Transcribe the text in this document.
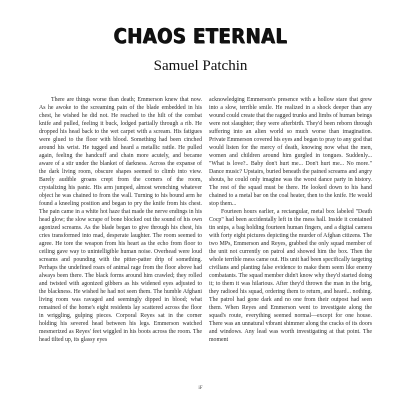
CHAOS ETERNAL
Samuel Patchin

There are things worse than death; Emmerson knew that now. As he awoke to the screaming pain of the blade embedded in his chest, he wished he did not. He reached to the hilt of the combat knife and pulled, feeling it buck, lodged partially through a rib. He dropped his head back to the wet carpet with a scream. His fatigues were glued to the floor with blood. Something had been cinched around his wrist. He tugged and heard a metallic rattle. He pulled again, feeling the handcuff and chain more acutely, and became aware of a stir under the blanket of darkness. Across the expanse of the dark living room, obscure shapes seemed to climb into view. Barely audible groans crept from the corners of the room, crystalizing his panic. His arm jumped, almost wrenching whatever object he was chained to from the wall. Turning to his bound arm he found a kneeling position and began to pry the knife from his chest. The pain came in a white hot haze that made the nerve endings in his head glow; the slow scrape of bone blocked out the sound of his own agonized screams. As the blade began to give through his chest, his cries transformed into mad, desperate laughter. The room seemed to agree. He tore the weapon from his heart as the echo from floor to ceiling gave way to unintelligible human noise. Overhead were loud screams and pounding with the pitter-patter drip of something. Perhaps the undefined roars of animal rage from the floor above had always been there. The black forms around him crawled; they rolled and twisted with agonized gibbers as his widened eyes adjusted to the blackness. He wished he had not seen them. The humble Afghani living room was ravaged and seemingly dipped in blood; what remained of the home's eight residents lay scattered across the floor in wriggling, gulping pieces. Corporal Reyes sat in the corner holding his severed head between his legs. Emmerson watched mesmerized as Reyes' feet wiggled in his boots across the room. The head tilted up, its glassy eyes

acknowledging Emmerson's presence with a hollow stare that grew into a slow, terrible smile. He realized in a shock deeper than any wound could create that the ragged trunks and limbs of human beings were not slaughter; they were afterbirth. They'd been reborn through suffering into an alien world so much worse than imagination. Private Emmerson covered his eyes and began to pray to any god that would listen for the mercy of death, knowing now what the men, women and children around him gurgled in tongues. Suddenly... "What is love?.. Baby don't hurt me... Don't hurt me... No more." Dance music? Upstairs, buried beneath the pained screams and angry shouts, he could only imagine was the worst dance party in history. The rest of the squad must be there. He looked down to his hand chained to a metal bar on the coal heater, then to the knife. He would stop them...

Fourteen hours earlier, a rectangular, metal box labeled "Death Cocp" had been accidentally left in the mess hall. Inside it contained tin snips, a bag holding fourteen human fingers, and a digital camera with forty eight pictures depicting the murder of Afghan citizens. The two MPs, Emmerson and Reyes, grabbed the only squad member of the unit not currently on patrol and showed him the box. Then the whole terrible mess came out. His unit had been specifically targeting civilians and planting false evidence to make them seem like enemy combatants. The squad member didn't know why they'd started doing it; to them it was hilarious. After they'd thrown the man in the brig, they radioed his squad, ordering them to return, and heard... nothing. The patrol had gone dark and no one from their outpost had seen them. When Reyes and Emmerson went to investigate along the squad's route, everything seemed normal—except for one house. There was an unnatural vibrant shimmer along the cracks of its doors and windows. Any lead was worth investigating at that point. The moment

iF
